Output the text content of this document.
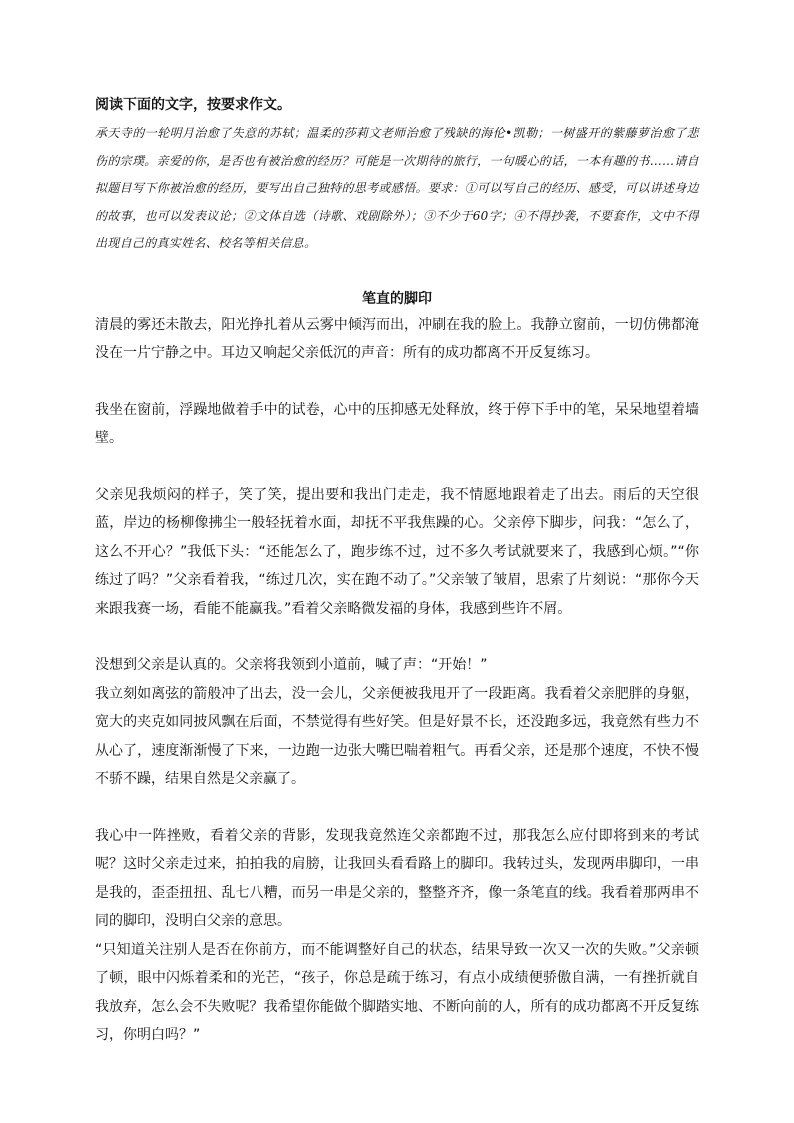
阅读下面的文字，按要求作文。

承天寺的一轮明月治愈了失意的苏轼；温柔的莎莉文老师治愈了残缺的海伦•凯勒；一树盛开的紫藤萝治愈了悲伤的宗璞。亲爱的你，是否也有被治愈的经历？可能是一次期待的旅行，一句暖心的话，一本有趣的书……请自拟题目写下你被治愈的经历，要写出自己独特的思考或感悟。要求：①可以写自己的经历、感受，可以讲述身边的故事，也可以发表议论；②文体自选（诗歌、戏剧除外）；③不少于60字；④不得抄袭，不要套作，文中不得出现自己的真实姓名、校名等相关信息。

笔直的脚印

清晨的雾还未散去，阳光挣扎着从云雾中倾泻而出，冲刷在我的脸上。我静立窗前，一切仿佛都淹没在一片宁静之中。耳边又响起父亲低沉的声音：所有的成功都离不开反复练习。

我坐在窗前，浮躁地做着手中的试卷，心中的压抑感无处释放，终于停下手中的笔，呆呆地望着墙壁。

父亲见我烦闷的样子，笑了笑，提出要和我出门走走，我不情愿地跟着走了出去。雨后的天空很蓝，岸边的杨柳像拂尘一般轻抚着水面，却抚不平我焦躁的心。父亲停下脚步，问我：“怎么了，这么不开心？”我低下头：“还能怎么了，跑步练不过，过不多久考试就要来了，我感到心烦。”“你练过了吗？”父亲看着我，“练过几次，实在跑不动了。”父亲皱了皱眉，思索了片刻说：“那你今天来跟我赛一场，看能不能赢我。”看着父亲略微发福的身体，我感到些许不屑。

没想到父亲是认真的。父亲将我领到小道前，喊了声：“开始！”

我立刻如离弦的箭般冲了出去，没一会儿，父亲便被我甩开了一段距离。我看着父亲肥胖的身躯，宽大的夹克如同披风飘在后面，不禁觉得有些好笑。但是好景不长，还没跑多远，我竟然有些力不从心了，速度渐渐慢了下来，一边跑一边张大嘴巴喘着粗气。再看父亲，还是那个速度，不快不慢不骄不躁，结果自然是父亲赢了。

我心中一阵挫败，看着父亲的背影，发现我竟然连父亲都跑不过，那我怎么应付即将到来的考试呢？这时父亲走过来，拍拍我的肩膀，让我回头看看路上的脚印。我转过头，发现两串脚印，一串是我的，歪歪扭扭、乱七八糟，而另一串是父亲的，整整齐齐，像一条笔直的线。我看着那两串不同的脚印，没明白父亲的意思。

“只知道关注别人是否在你前方，而不能调整好自己的状态，结果导致一次又一次的失败。”父亲顿了顿，眼中闪烁着柔和的光芒，“孩子，你总是疏于练习，有点小成绩便骄傲自满，一有挫折就自我放弃，怎么会不失败呢？我希望你能做个脚踏实地、不断向前的人，所有的成功都离不开反复练习，你明白吗？”
